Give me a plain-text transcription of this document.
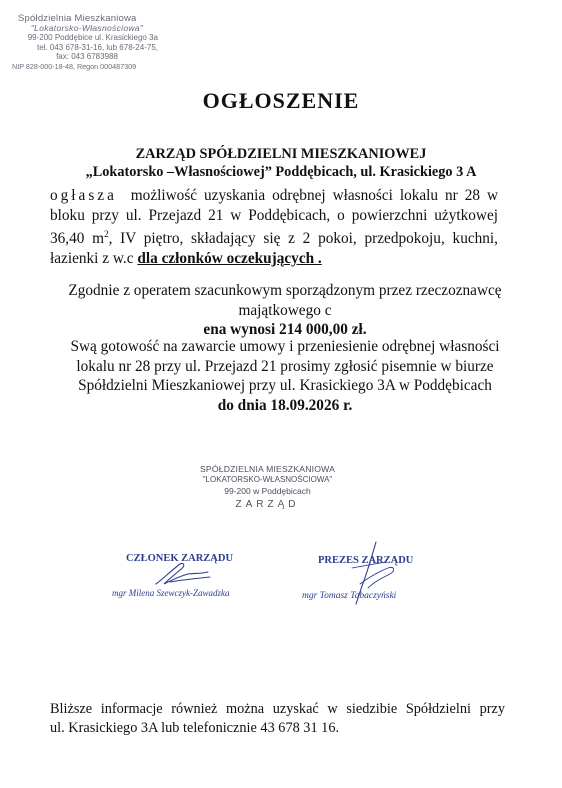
Spółdzielnia Mieszkaniowa
"Lokatorsko-Własnościowa"
99-200 Poddębice ul. Krasickiego 3a
tel. 043 678-31-16, lub 678-24-75,
fax: 043 6783988
NIP 828-000-18-48, Regon 000487309
OGŁOSZENIE
ZARZĄD SPÓŁDZIELNI MIESZKANIOWEJ
„Lokatorsko –Własnościowej” Poddębicach, ul. Krasickiego 3 A
ogłasza możliwość uzyskania odrębnej własności lokalu nr 28 w
bloku przy ul. Przejazd 21 w Poddębicach, o powierzchni użytkowej
36,40 $m^2$, IV piętro, składający się z 2 pokoi, przedpokoju, kuchni,
łazienki z w.c dla członków oczekujących .
Zgodnie z operatem szacunkowym sporządzonym przez rzeczoznawcę
majątkowego c
ena wynosi 214 000,00 zł.
Swą gotowość na zawarcie umowy i przeniesienie odrębnej własności
lokalu nr 28 przy ul. Przejazd 21 prosimy zgłosić pisemnie w biurze
Spółdzielni Mieszkaniowej przy ul. Krasickiego 3A w Poddębicach
do dnia 18.09.2026 r.
SPÓŁDZIELNIA MIESZKANIOWA
"LOKATORSKO-WŁASNOŚCIOWA"
99-200 w Poddębicach
ZARZĄD
CZŁONEK ZARZĄDU
mgr Milena Szewczyk-Zawadzka
PREZES ZARZĄDU
mgr Tomasz Tabaczyński
Bliższe informacje również można uzyskać w siedzibie Spółdzielni przy
ul. Krasickiego 3A lub telefonicznie 43 678 31 16.
